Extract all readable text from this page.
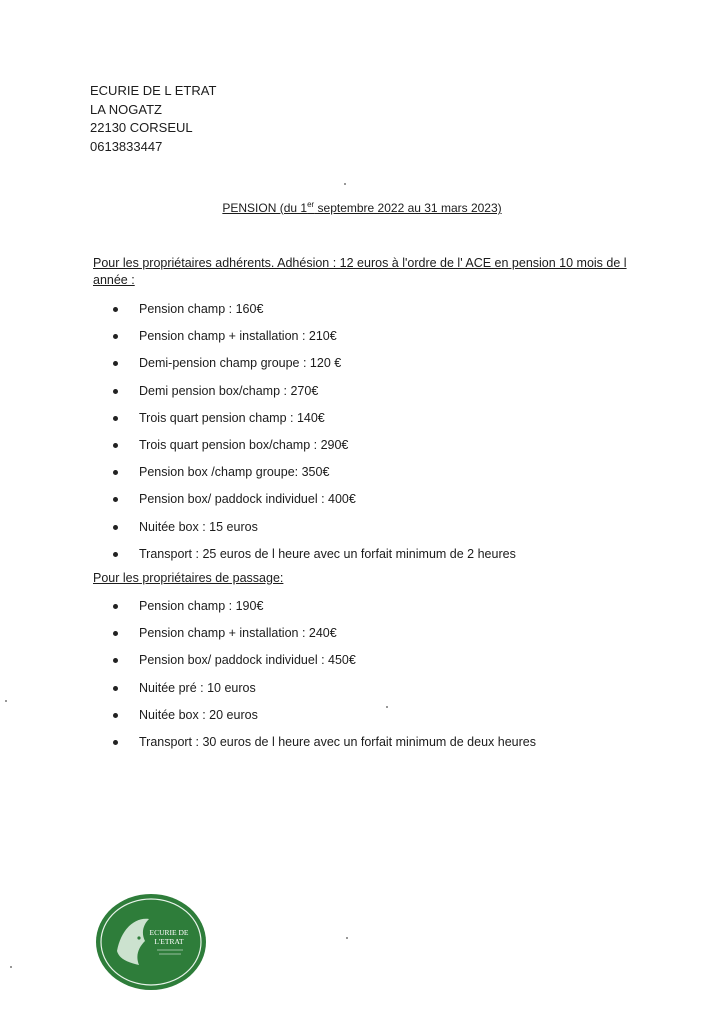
ECURIE DE L ETRAT
LA NOGATZ
22130 CORSEUL
0613833447
PENSION (du 1er septembre 2022 au 31 mars 2023)
Pour les propriétaires adhérents. Adhésion : 12 euros à l'ordre de l' ACE en pension 10 mois de l année :
Pension champ : 160€
Pension champ + installation : 210€
Demi-pension champ groupe : 120 €
Demi pension box/champ : 270€
Trois quart pension champ : 140€
Trois quart pension box/champ : 290€
Pension box /champ groupe: 350€
Pension box/ paddock individuel : 400€
Nuitée box : 15 euros
Transport : 25 euros de l heure avec un forfait minimum de 2 heures
Pour les propriétaires de passage:
Pension champ : 190€
Pension champ + installation : 240€
Pension box/ paddock individuel : 450€
Nuitée pré : 10 euros
Nuitée box : 20 euros
Transport : 30 euros de l heure avec un forfait minimum de deux heures
ECURIE DE
L'ETRAT
